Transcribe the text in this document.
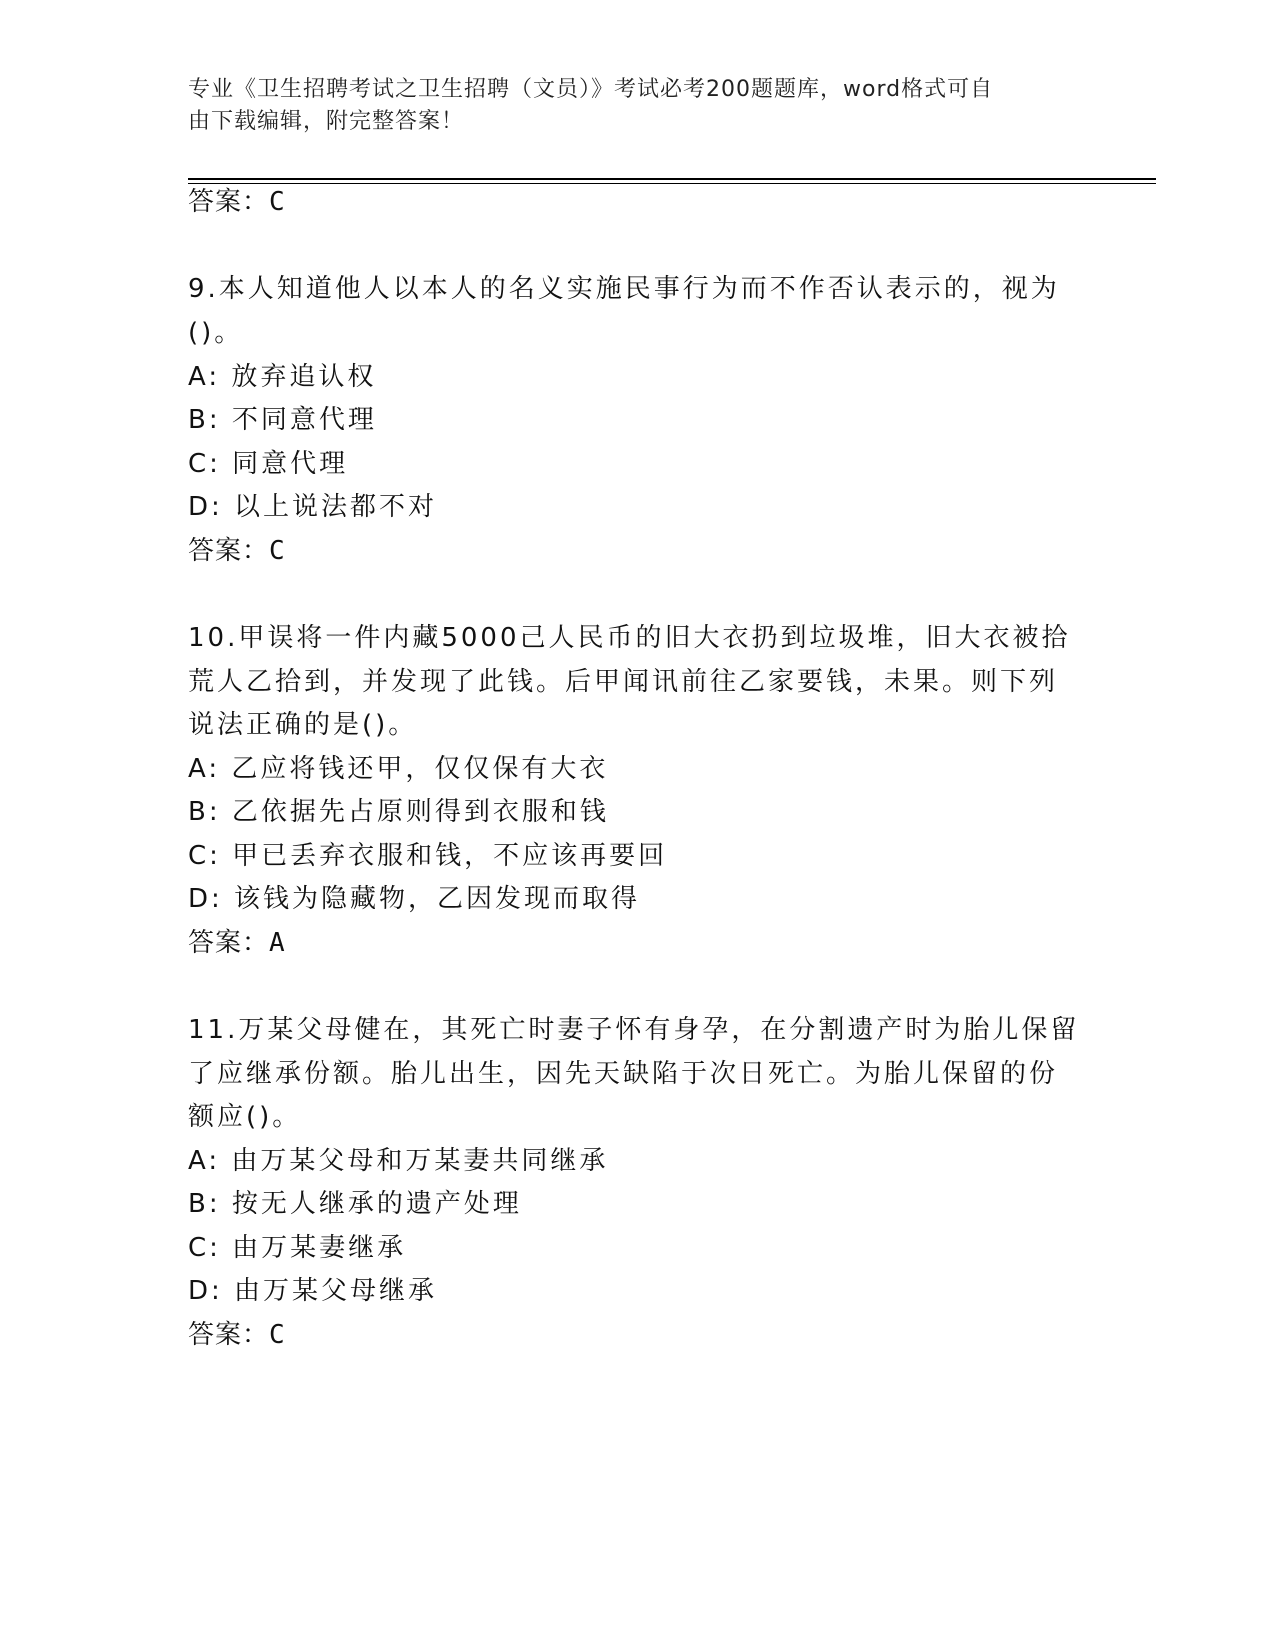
专业《卫生招聘考试之卫生招聘（文员）》考试必考200题题库，word格式可自
由下载编辑，附完整答案！
答案：C
9.本人知道他人以本人的名义实施民事行为而不作否认表示的，视为
()。
A: 放弃追认权
B: 不同意代理
C: 同意代理
D: 以上说法都不对
答案：C
10.甲误将一件内藏5000己人民币的旧大衣扔到垃圾堆，旧大衣被拾
荒人乙拾到，并发现了此钱。后甲闻讯前往乙家要钱，未果。则下列
说法正确的是()。
A: 乙应将钱还甲，仅仅保有大衣
B: 乙依据先占原则得到衣服和钱
C: 甲已丢弃衣服和钱，不应该再要回
D: 该钱为隐藏物，乙因发现而取得
答案：A
11.万某父母健在，其死亡时妻子怀有身孕，在分割遗产时为胎儿保留
了应继承份额。胎儿出生，因先天缺陷于次日死亡。为胎儿保留的份
额应()。
A: 由万某父母和万某妻共同继承
B: 按无人继承的遗产处理
C: 由万某妻继承
D: 由万某父母继承
答案：C
